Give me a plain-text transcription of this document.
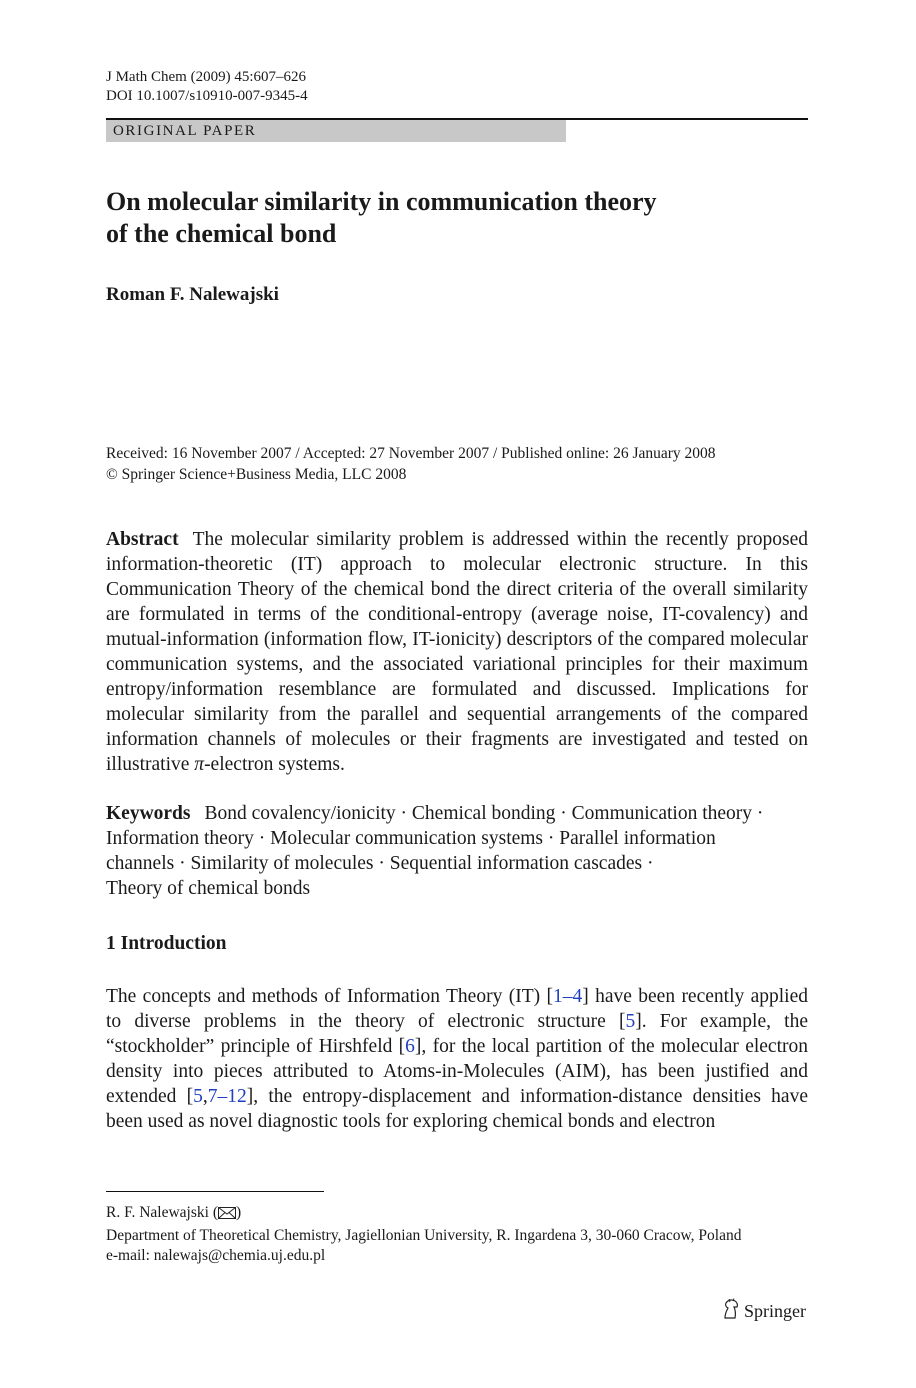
J Math Chem (2009) 45:607–626
DOI 10.1007/s10910-007-9345-4
ORIGINAL PAPER
On molecular similarity in communication theory
of the chemical bond
Roman F. Nalewajski
Received: 16 November 2007 / Accepted: 27 November 2007 / Published online: 26 January 2008
© Springer Science+Business Media, LLC 2008
Abstract The molecular similarity problem is addressed within the recently proposed information-theoretic (IT) approach to molecular electronic structure. In this Communication Theory of the chemical bond the direct criteria of the overall similarity are formulated in terms of the conditional-entropy (average noise, IT-covalency) and mutual-information (information flow, IT-ionicity) descriptors of the compared molecular communication systems, and the associated variational principles for their maximum entropy/information resemblance are formulated and discussed. Implications for molecular similarity from the parallel and sequential arrangements of the compared information channels of molecules or their fragments are investigated and tested on illustrative π-electron systems.
Keywords Bond covalency/ionicity · Chemical bonding · Communication theory ·
Information theory · Molecular communication systems · Parallel information
channels · Similarity of molecules · Sequential information cascades ·
Theory of chemical bonds
1 Introduction
The concepts and methods of Information Theory (IT) [1–4] have been recently applied to diverse problems in the theory of electronic structure [5]. For example, the “stockholder” principle of Hirshfeld [6], for the local partition of the molecular electron density into pieces attributed to Atoms-in-Molecules (AIM), has been justified and extended [5,7–12], the entropy-displacement and information-distance densities have been used as novel diagnostic tools for exploring chemical bonds and electron
R. F. Nalewajski ( )
Department of Theoretical Chemistry, Jagiellonian University, R. Ingardena 3, 30-060 Cracow, Poland
e-mail: nalewajs@chemia.uj.edu.pl
Springer
